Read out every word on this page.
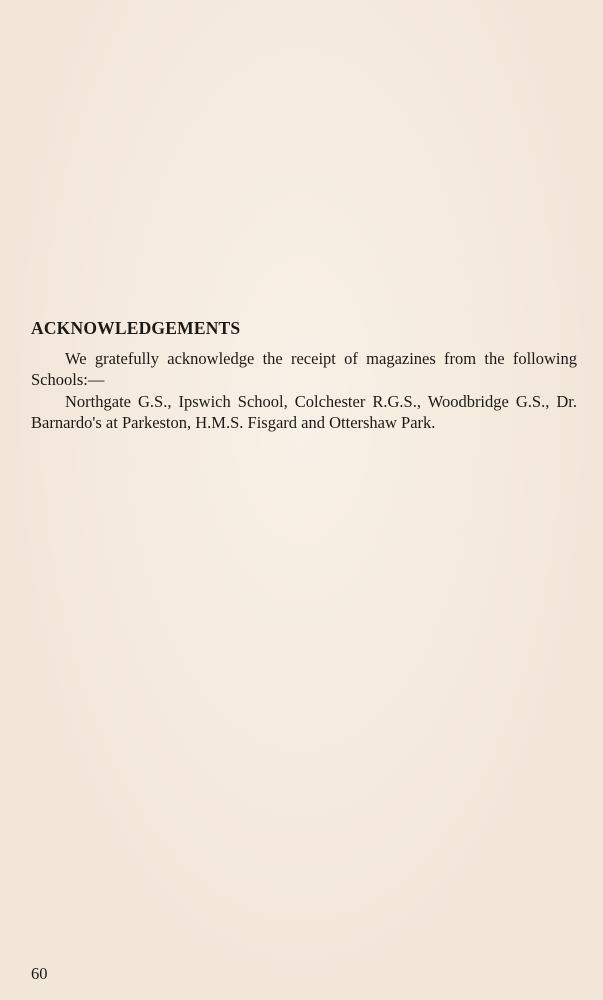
ACKNOWLEDGEMENTS

We gratefully acknowledge the receipt of magazines from the following Schools:—

Northgate G.S., Ipswich School, Colchester R.G.S., Woodbridge G.S., Dr. Barnardo's at Parkeston, H.M.S. Fisgard and Ottershaw Park.

60
